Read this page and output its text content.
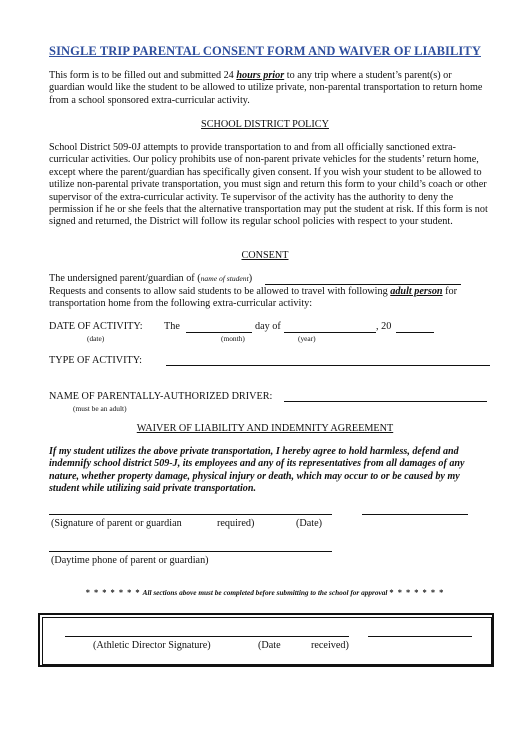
SINGLE TRIP PARENTAL CONSENT FORM AND WAIVER OF LIABILITY
This form is to be filled out and submitted 24 hours prior to any trip where a student’s parent(s) or guardian would like the student to be allowed to utilize private, non-parental transportation to return home from a school sponsored extra-curricular activity.
SCHOOL DISTRICT POLICY
School District 509-0J attempts to provide transportation to and from all officially sanctioned extra-curricular activities. Our policy prohibits use of non-parent private vehicles for the students’ return home, except where the parent/guardian has specifically given consent. If you wish your student to be allowed to utilize non-parental private transportation, you must sign and return this form to your child’s coach or other supervisor of the extra-curricular activity. Te supervisor of the activity has the authority to deny the permission if he or she feels that the alternative transportation may put the student at risk. If this form is not signed and returned, the District will follow its regular school policies with respect to your student.
CONSENT
The undersigned parent/guardian of (name of student)
Requests and consents to allow said students to be allowed to travel with following adult person for transportation home from the following extra-curricular activity:
DATE OF ACTIVITY: The	day of	, 20
(date)	(month)	(year)
TYPE OF ACTIVITY:
NAME OF PARENTALLY-AUTHORIZED DRIVER:
(must be an adult)
WAIVER OF LIABILITY AND INDEMNITY AGREEMENT
If my student utilizes the above private transportation, I hereby agree to hold harmless, defend and indemnify school district 509-J, its employees and any of its representatives from all damages of any nature, whether property damage, physical injury or death, which may occur to or be caused by my student while utilizing said private transportation.
(Signature of parent or guardian	required)	(Date)
(Daytime phone of parent or guardian)
* * * * * * * All sections above must be completed before submitting to the school for approval * * * * * * *
(Athletic Director Signature)	(Date	received)
